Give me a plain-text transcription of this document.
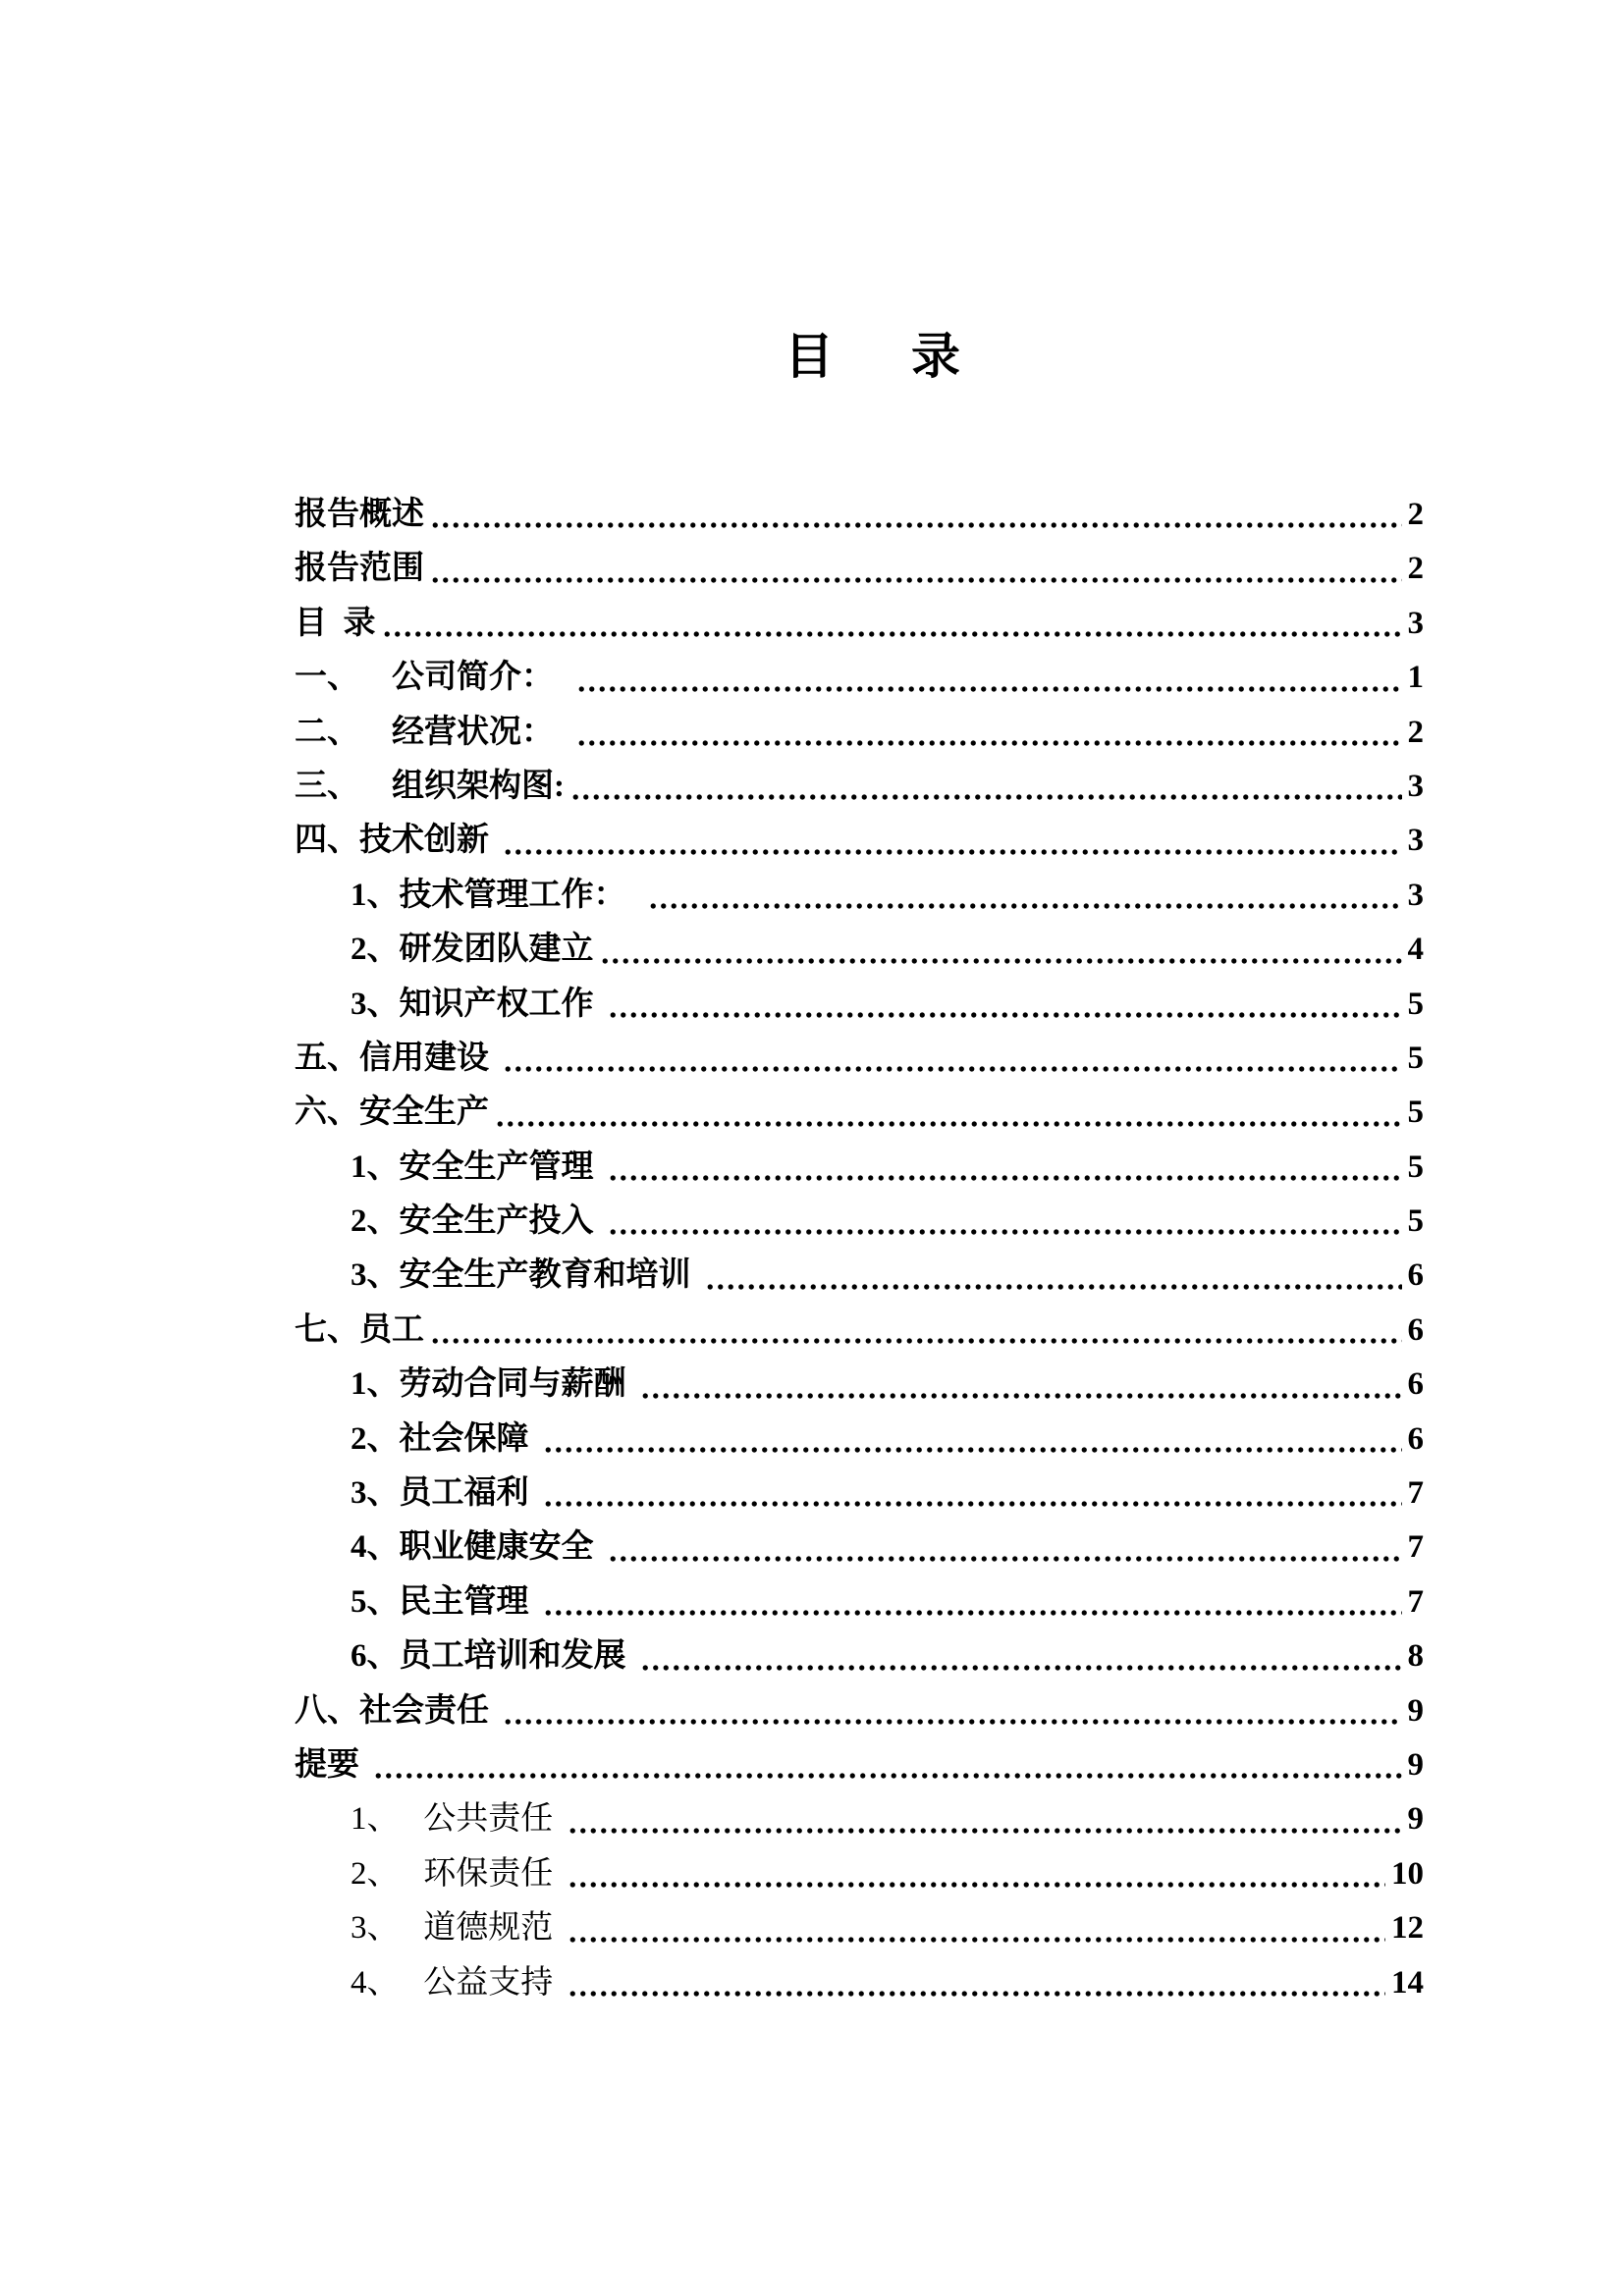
目 录
报告概述	2
报告范围	2
目  录	3
一、    公司简介：	1
二、    经营状况：	2
三、    组织架构图:	3
四、技术创新	3
1、技术管理工作：	3
2、研发团队建立	4
3、知识产权工作	5
五、信用建设	5
六、安全生产	5
1、安全生产管理	5
2、安全生产投入	5
3、安全生产教育和培训	6
七、员工	6
1、劳动合同与薪酬	6
2、社会保障	6
3、员工福利	7
4、职业健康安全	7
5、民主管理	7
6、员工培训和发展	8
八、社会责任	9
提要	9
1、   公共责任	9
2、   环保责任	10
3、   道德规范	12
4、   公益支持	14
